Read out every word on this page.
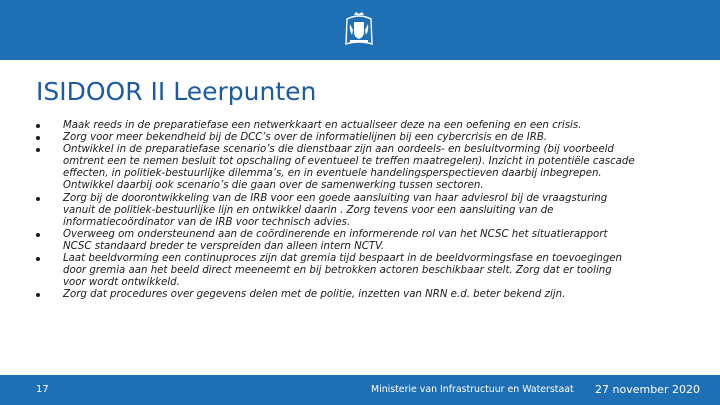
ISIDOOR II Leerpunten
Maak reeds in de preparatiefase een netwerkkaart en actualiseer deze na een oefening en een crisis.
Zorg voor meer bekendheid bij de DCC’s over de informatielijnen bij een cybercrisis en de IRB.
Ontwikkel in de preparatiefase scenario’s die dienstbaar zijn aan oordeels- en besluitvorming (bij voorbeeld omtrent een te nemen besluit tot opschaling of eventueel te treffen maatregelen). Inzicht in potentiële cascade effecten, in politiek-bestuurlijke dilemma’s, en in eventuele handelingsperspectieven daarbij inbegrepen. Ontwikkel daarbij ook scenario’s die gaan over de samenwerking tussen sectoren.
Zorg bij de doorontwikkeling van de IRB voor een goede aansluiting van haar adviesrol bij de vraagsturing vanuit de politiek-bestuurlijke lijn en ontwikkel daarin . Zorg tevens voor een aansluiting van de informatiecoördinator van de IRB voor technisch advies.
Overweeg om ondersteunend aan de coördinerende en informerende rol van het NCSC het situatierapport NCSC standaard breder te verspreiden dan alleen intern NCTV.
Laat beeldvorming een continuproces zijn dat gremia tijd bespaart in de beeldvormingsfase en toevoegingen door gremia aan het beeld direct meeneemt en bij betrokken actoren beschikbaar stelt. Zorg dat er tooling voor wordt ontwikkeld.
Zorg dat procedures over gegevens delen met de politie, inzetten van NRN e.d. beter bekend zijn.
17	Ministerie van Infrastructuur en Waterstaat 27 november 2020
